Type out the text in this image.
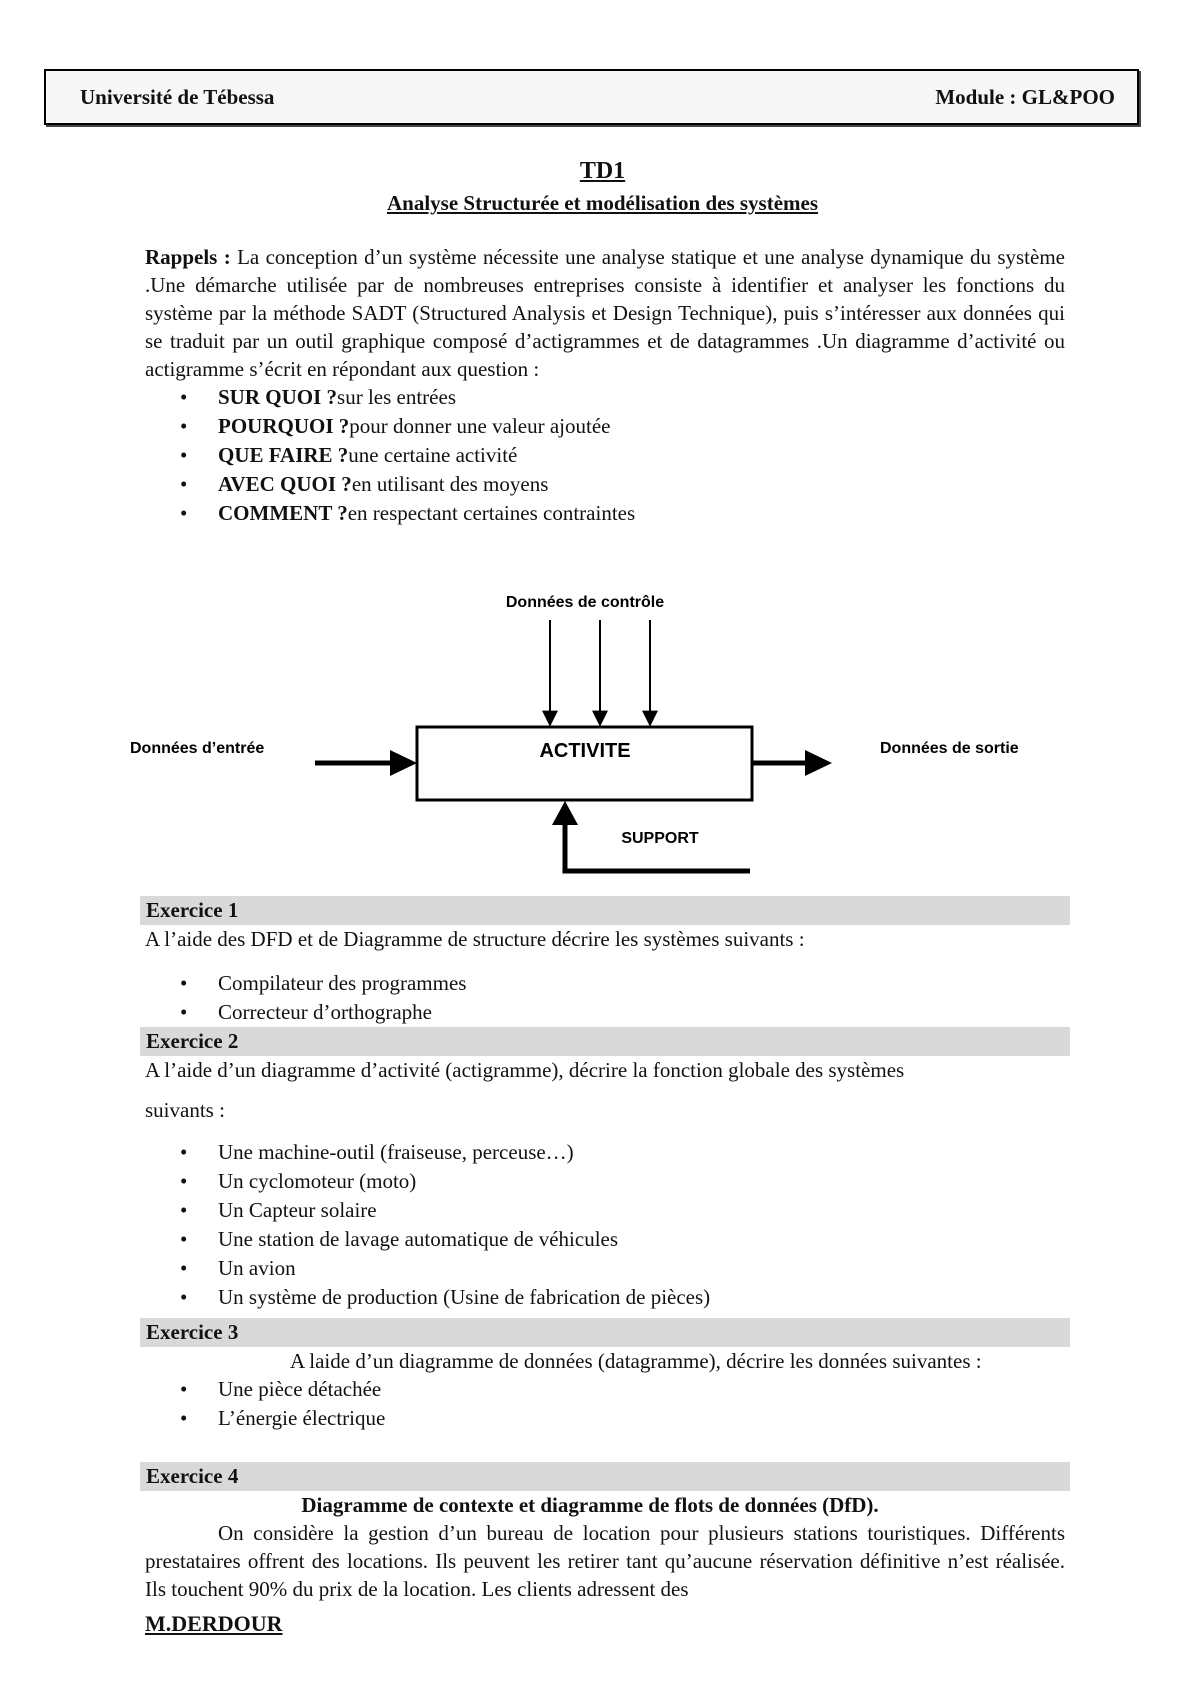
Université de Tébessa	Module : GL&POO
TD1
Analyse Structurée et modélisation des systèmes

Rappels : La conception d’un système nécessite une analyse statique et une analyse dynamique du système .Une démarche utilisée par de nombreuses entreprises consiste à identifier et analyser les fonctions du système par la méthode SADT (Structured Analysis et Design Technique), puis s’intéresser aux données qui se traduit par un outil graphique composé d’actigrammes et de datagrammes .Un diagramme d’activité ou actigramme s’écrit en répondant aux question :

• SUR QUOI ?sur les entrées
• POURQUOI ?pour donner une valeur ajoutée
• QUE FAIRE ?une certaine activité
• AVEC QUOI ?en utilisant des moyens
• COMMENT ?en respectant certaines contraintes
Données de contrôle
ACTIVITE
Données d’entrée	Données de sortie
SUPPORT
Exercice 1

A l’aide des DFD et de Diagramme de structure décrire les systèmes suivants :

• Compilateur des programmes
• Correcteur d’orthographe
Exercice 2

A l’aide d’un diagramme d’activité (actigramme), décrire la fonction globale des systèmes

suivants :

• Une machine-outil (fraiseuse, perceuse…)
• Un cyclomoteur (moto)
• Un Capteur solaire
• Une station de lavage automatique de véhicules
• Un avion
• Un système de production (Usine de fabrication de pièces)
Exercice 3

A laide d’un diagramme de données (datagramme), décrire les données suivantes :

• Une pièce détachée
• L’énergie électrique
Exercice 4

Diagramme de contexte et diagramme de flots de données (DfD).

On considère la gestion d’un bureau de location pour plusieurs stations touristiques. Différents prestataires offrent des locations. Ils peuvent les retirer tant qu’aucune réservation définitive n’est réalisée. Ils touchent 90% du prix de la location. Les clients adressent des

M.DERDOUR
